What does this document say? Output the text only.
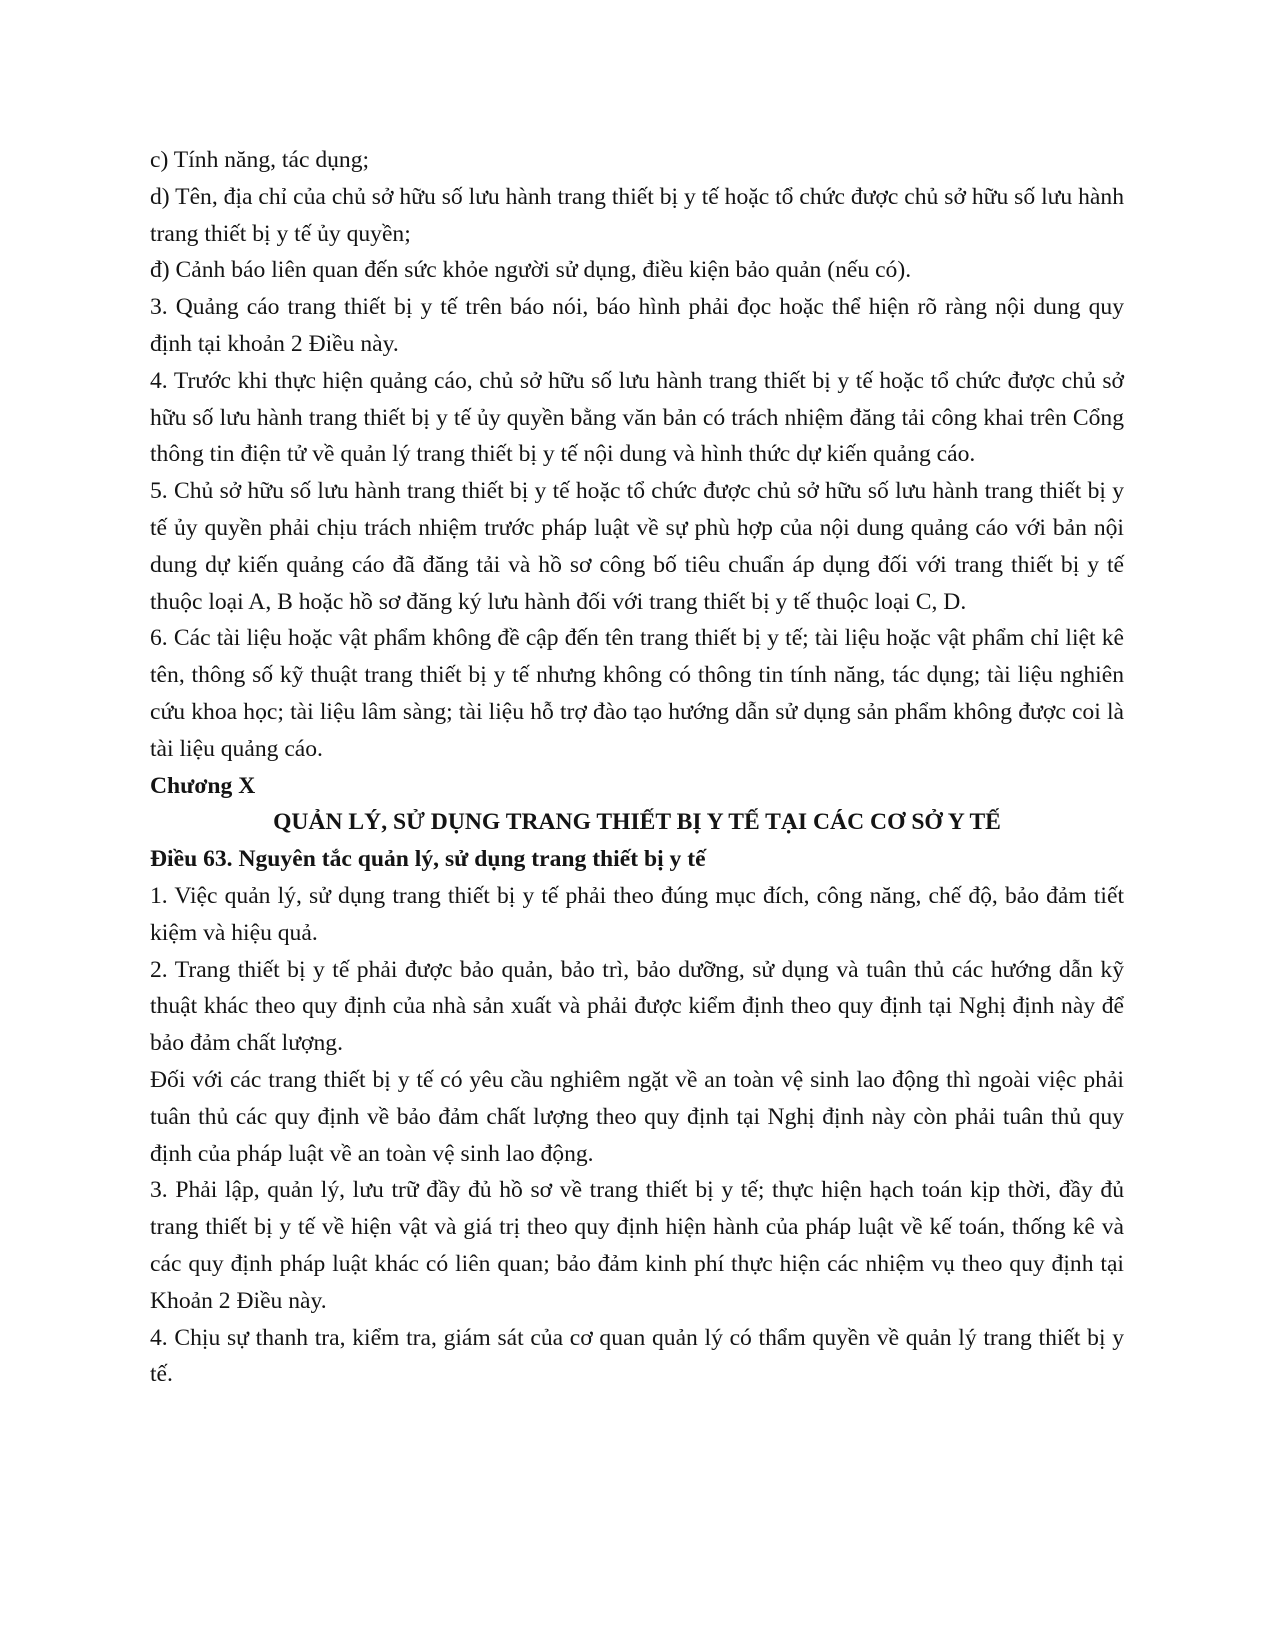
c) Tính năng, tác dụng;

d) Tên, địa chỉ của chủ sở hữu số lưu hành trang thiết bị y tế hoặc tổ chức được chủ sở hữu số lưu hành trang thiết bị y tế ủy quyền;

đ) Cảnh báo liên quan đến sức khỏe người sử dụng, điều kiện bảo quản (nếu có).

3. Quảng cáo trang thiết bị y tế trên báo nói, báo hình phải đọc hoặc thể hiện rõ ràng nội dung quy định tại khoản 2 Điều này.

4. Trước khi thực hiện quảng cáo, chủ sở hữu số lưu hành trang thiết bị y tế hoặc tổ chức được chủ sở hữu số lưu hành trang thiết bị y tế ủy quyền bằng văn bản có trách nhiệm đăng tải công khai trên Cổng thông tin điện tử về quản lý trang thiết bị y tế nội dung và hình thức dự kiến quảng cáo.

5. Chủ sở hữu số lưu hành trang thiết bị y tế hoặc tổ chức được chủ sở hữu số lưu hành trang thiết bị y tế ủy quyền phải chịu trách nhiệm trước pháp luật về sự phù hợp của nội dung quảng cáo với bản nội dung dự kiến quảng cáo đã đăng tải và hồ sơ công bố tiêu chuẩn áp dụng đối với trang thiết bị y tế thuộc loại A, B hoặc hồ sơ đăng ký lưu hành đối với trang thiết bị y tế thuộc loại C, D.

6. Các tài liệu hoặc vật phẩm không đề cập đến tên trang thiết bị y tế; tài liệu hoặc vật phẩm chỉ liệt kê tên, thông số kỹ thuật trang thiết bị y tế nhưng không có thông tin tính năng, tác dụng; tài liệu nghiên cứu khoa học; tài liệu lâm sàng; tài liệu hỗ trợ đào tạo hướng dẫn sử dụng sản phẩm không được coi là tài liệu quảng cáo.

Chương X

QUẢN LÝ, SỬ DỤNG TRANG THIẾT BỊ Y TẾ TẠI CÁC CƠ SỞ Y TẾ

Điều 63. Nguyên tắc quản lý, sử dụng trang thiết bị y tế

1. Việc quản lý, sử dụng trang thiết bị y tế phải theo đúng mục đích, công năng, chế độ, bảo đảm tiết kiệm và hiệu quả.

2. Trang thiết bị y tế phải được bảo quản, bảo trì, bảo dưỡng, sử dụng và tuân thủ các hướng dẫn kỹ thuật khác theo quy định của nhà sản xuất và phải được kiểm định theo quy định tại Nghị định này để bảo đảm chất lượng.

Đối với các trang thiết bị y tế có yêu cầu nghiêm ngặt về an toàn vệ sinh lao động thì ngoài việc phải tuân thủ các quy định về bảo đảm chất lượng theo quy định tại Nghị định này còn phải tuân thủ quy định của pháp luật về an toàn vệ sinh lao động.

3. Phải lập, quản lý, lưu trữ đầy đủ hồ sơ về trang thiết bị y tế; thực hiện hạch toán kịp thời, đầy đủ trang thiết bị y tế về hiện vật và giá trị theo quy định hiện hành của pháp luật về kế toán, thống kê và các quy định pháp luật khác có liên quan; bảo đảm kinh phí thực hiện các nhiệm vụ theo quy định tại Khoản 2 Điều này.

4. Chịu sự thanh tra, kiểm tra, giám sát của cơ quan quản lý có thẩm quyền về quản lý trang thiết bị y tế.
